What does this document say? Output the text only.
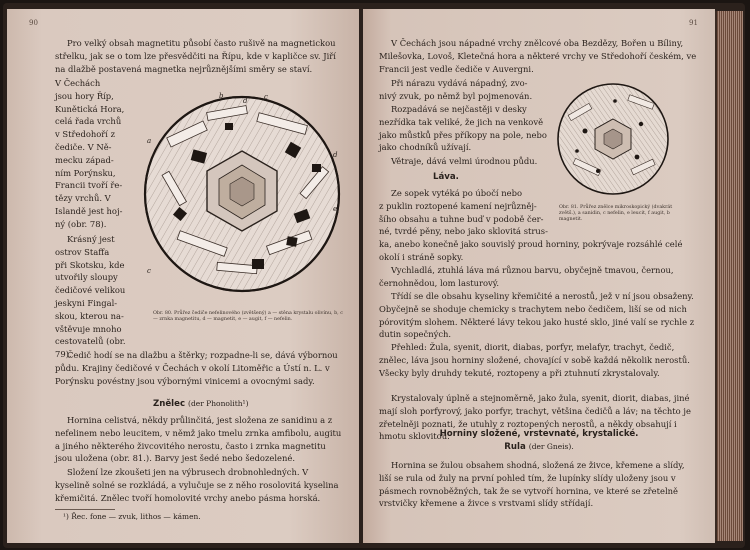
90

Pro velký obsah magnetitu působí často rušivě na magnetickou střelku, jak se o tom lze přesvědčiti na Řípu, kde v kapličce sv. Jiří na dlažbě postavená magnetka nejrůznějšími směry se staví.

V Čechách
jsou hory Říp,
Kunětická Hora,
celá řada vrchů
v Středohoří z
čediče. V Ně-
mecku západ-
ním Porýnsku,
Francii tvoří ře-
tězy vrchů. V
Islandě jest hoj-
ný (obr. 78).
Krásný jest
ostrov Staffa
při Skotsku, kde
utvořily sloupy
čedičové velikou
jeskyni Fingal-
skou, kterou na-
vštěvuje mnoho
cestovatelů (obr.
79).
b
d c
a
d
e
c
Obr. 80. Průřez čediče nefelinového (zvětšený) a — stěna krystalu olivínu, b, c — zrnka magnetitu, d — magnetit, e — augit, f — nefelin.

Čedič hodí se na dlažbu a štěrky; rozpadne-li se, dává výbornou půdu. Krajiny čedičové v Čechách v okolí Litoměřic a Ústí n. L. v Porýnsku povéstny jsou výbornými vinicemi a ovocnými sady.

Znělec (der Phonolith¹)

Hornina celistvá, někdy průlinčitá, jest složena ze sanidinu a z nefelinem nebo leucitem, v němž jako tmelu zrnka amfibolu, augitu a jiného některého živcovitého nerostu, často i zrnka magnetitu jsou uložena (obr. 81.). Barvy jest šedé nebo šedozelené.

Složení lze zkoušeti jen na výbrusech drobnohledných. V kyselině solné se rozkládá, a vylučuje se z něho rosolovitá kyselina křemičitá. Znělec tvoří homolovité vrchy anebo pásma horská.

¹) Řec. fone — zvuk, lithos — kámen.
91

V Čechách jsou nápadné vrchy znělcové oba Bezdězy, Bořen u Bíliny, Milešovka, Lovoš, Kletečná hora a některé vrchy ve Středohoří českém, ve Francii jest vedle čediče v Auvergni.

Při nárazu vydává nápadný, zvo-
nivý zvuk, po němž byl pojmenován.
Rozpadává se nejčastěji v desky
nezřídka tak veliké, že jich na venkově
jako můstků přes příkopy na pole, nebo
jako chodníků užívají.
Větraje, dává velmi úrodnou půdu.
Láva.
Ze sopek vytéká po úbočí nebo
z puklin roztopené kamení nejrůzněj-
šího obsahu a tuhne buď v podobě čer-
né, tvrdé pěny, nebo jako sklovitá strus-
Obr. 81. Průřez znělce mikroskopický (dvakrát zvětš.), a sanidin, c nefelin, e leucit, f augit, b magnetit.

ka, anebo konečně jako souvislý proud horniny, pokrývaje rozsáhlé celé okolí i stráně sopky.

Vychladlá, ztuhlá láva má různou barvu, obyčejně tmavou, černou, černohnědou, lom lasturový.

Třídí se dle obsahu kyseliny křemičité a nerostů, jež v ní jsou obsaženy. Obyčejně se shoduje chemicky s trachytem nebo čedičem, liší se od nich pórovitým slohem. Některé lávy tekou jako husté sklo, jiné valí se rychle z dutin sopečných.

Přehled: Žula, syenit, diorit, diabas, porfyr, melafyr, trachyt, čedič, znělec, láva jsou horniny složené, chovající v sobě každá několik nerostů. Všecky byly druhdy tekuté, roztopeny a při ztuhnutí zkrystalovaly.

Krystalovaly úplně a stejnoměrně, jako žula, syenit, diorit, diabas, jiné mají sloh porfyrový, jako porfyr, trachyt, většina čedičů a láv; na těchto je zřetelněji poznati, že utuhly z roztopených nerostů, a někdy obsahují i hmotu sklovitou.

Horniny složené, vrstevnaté, krystalické.
Rula (der Gneis).

Hornina se žulou obsahem shodná, složená ze živce, křemene a slídy, liší se rula od žuly na první pohled tím, že lupínky slídy uloženy jsou v pásmech rovnoběžných, tak že se vytvoří hornina, ve které se zřetelně vrstvičky křemene a živce s vrstvami slídy střídají.
